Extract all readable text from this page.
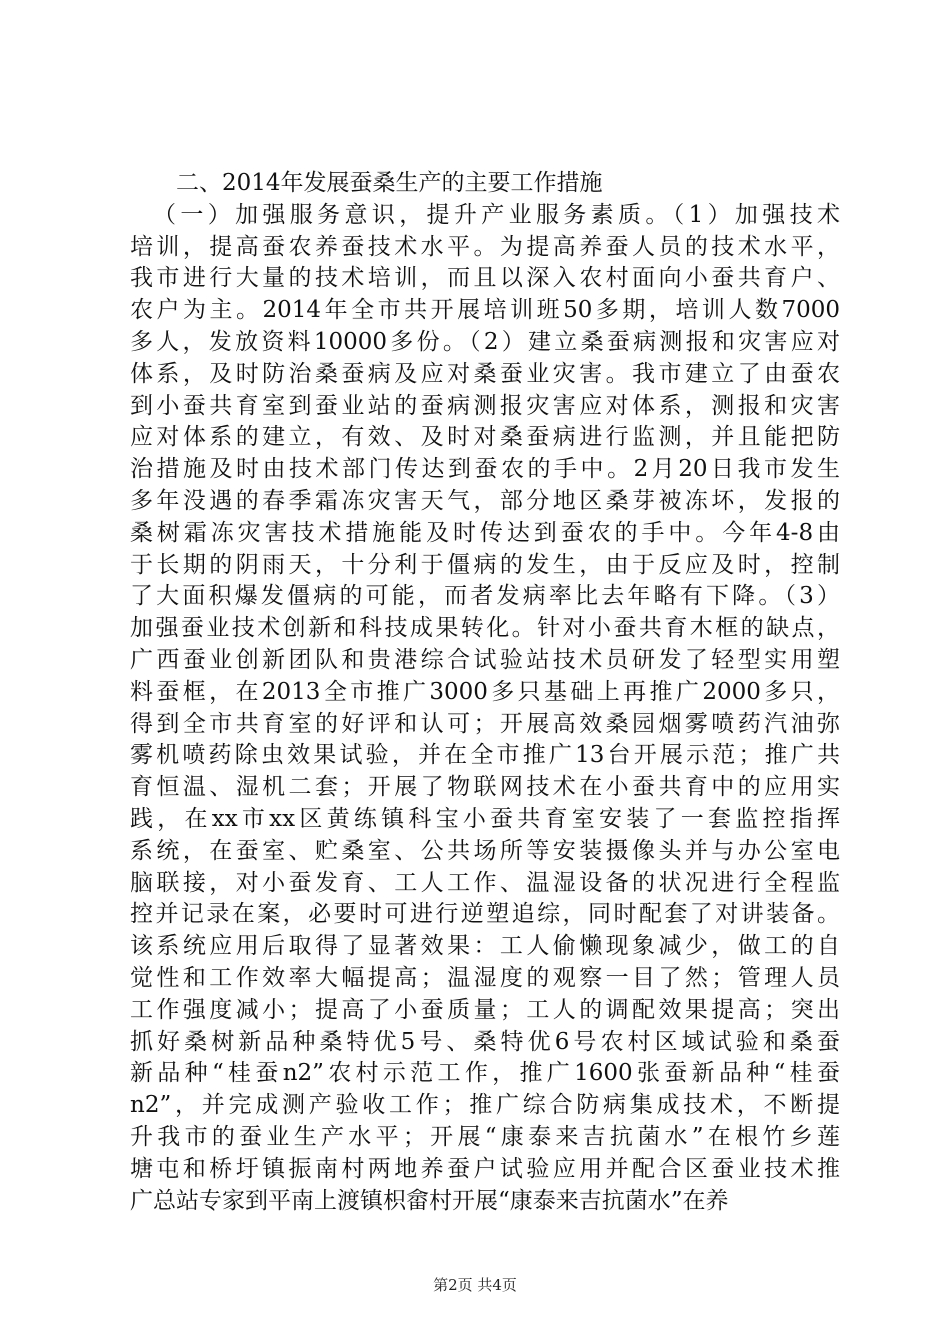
二、2014年发展蚕桑生产的主要工作措施
（一）加强服务意识，提升产业服务素质。（1）加强技术
培训，提高蚕农养蚕技术水平。为提高养蚕人员的技术水平，
我市进行大量的技术培训，而且以深入农村面向小蚕共育户、
农户为主。2014年全市共开展培训班50多期，培训人数7000
多人，发放资料10000多份。（2）建立桑蚕病测报和灾害应对
体系，及时防治桑蚕病及应对桑蚕业灾害。我市建立了由蚕农
到小蚕共育室到蚕业站的蚕病测报灾害应对体系，测报和灾害
应对体系的建立，有效、及时对桑蚕病进行监测，并且能把防
治措施及时由技术部门传达到蚕农的手中。2月20日我市发生
多年没遇的春季霜冻灾害天气，部分地区桑芽被冻坏，发报的
桑树霜冻灾害技术措施能及时传达到蚕农的手中。今年4-8由
于长期的阴雨天，十分利于僵病的发生，由于反应及时，控制
了大面积爆发僵病的可能，而者发病率比去年略有下降。（3）
加强蚕业技术创新和科技成果转化。针对小蚕共育木框的缺点，
广西蚕业创新团队和贵港综合试验站技术员研发了轻型实用塑
料蚕框，在2013全市推广3000多只基础上再推广2000多只，
得到全市共育室的好评和认可；开展高效桑园烟雾喷药汽油弥
雾机喷药除虫效果试验，并在全市推广13台开展示范；推广共
育恒温、湿机二套；开展了物联网技术在小蚕共育中的应用实
践，在xx市xx区黄练镇科宝小蚕共育室安装了一套监控指挥
系统，在蚕室、贮桑室、公共场所等安装摄像头并与办公室电
脑联接，对小蚕发育、工人工作、温湿设备的状况进行全程监
控并记录在案，必要时可进行逆塑追综，同时配套了对讲装备。
该系统应用后取得了显著效果：工人偷懒现象减少，做工的自
觉性和工作效率大幅提高；温湿度的观察一目了然；管理人员
工作强度减小；提高了小蚕质量；工人的调配效果提高；突出
抓好桑树新品种桑特优5号、桑特优6号农村区域试验和桑蚕
新品种“桂蚕n2”农村示范工作，推广1600张蚕新品种“桂蚕
n2”，并完成测产验收工作；推广综合防病集成技术，不断提
升我市的蚕业生产水平；开展“康泰来吉抗菌水”在根竹乡莲
塘屯和桥圩镇振南村两地养蚕户试验应用并配合区蚕业技术推
广总站专家到平南上渡镇枳畲村开展“康泰来吉抗菌水”在养
第2页 共4页
